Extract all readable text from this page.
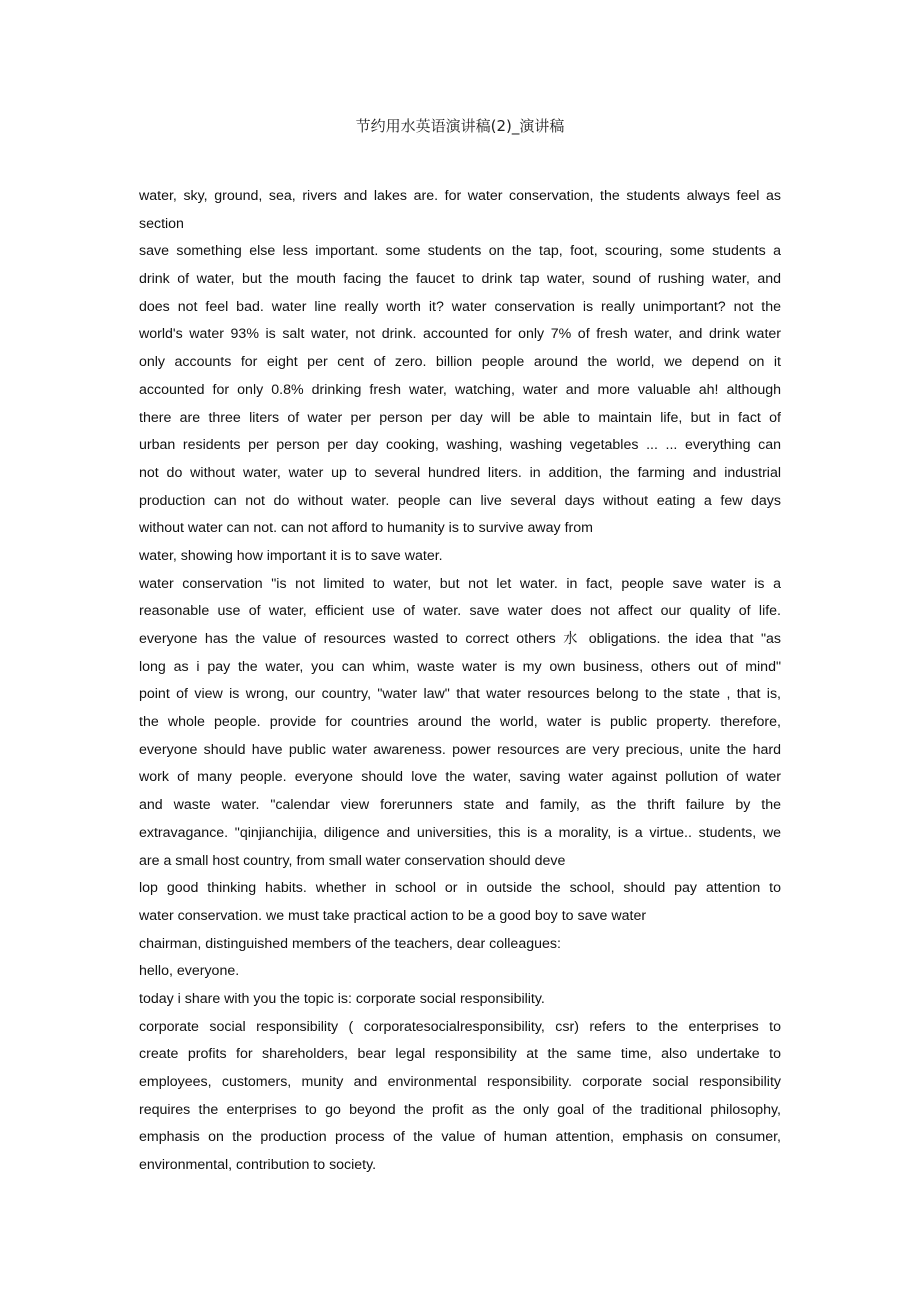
节约用水英语演讲稿(2)_演讲稿
water, sky, ground, sea, rivers and lakes are. for water conservation, the students always feel as
section
save something else less important. some students on the tap, foot, scouring, some students a
drink of water, but the mouth facing the faucet to drink tap water, sound of rushing water, and
does not feel bad. water line really worth it? water conservation is really unimportant? not the
world's water 93% is salt water, not drink. accounted for only 7% of fresh water, and drink water
only accounts for eight per cent of zero. billion people around the world, we depend on it
accounted for only 0.8% drinking fresh water, watching, water and more valuable ah! although
there are three liters of water per person per day will be able to maintain life, but in fact of
urban residents per person per day cooking, washing, washing vegetables ... ... everything can
not do without water, water up to several hundred liters. in addition, the farming and industrial
production can not do without water. people can live several days without eating a few days
without water can not. can not afford to humanity is to survive away from
water, showing how important it is to save water.
water conservation "is not limited to water, but not let water. in fact, people save water is a
reasonable use of water, efficient use of water. save water does not affect our quality of life.
everyone has the value of resources wasted to correct others 水 obligations. the idea that "as
long as i pay the water, you can whim, waste water is my own business, others out of mind"
point of view is wrong, our country, "water law" that water resources belong to the state , that is,
the whole people. provide for countries around the world, water is public property. therefore,
everyone should have public water awareness. power resources are very precious, unite the hard
work of many people. everyone should love the water, saving water against pollution of water
and waste water. "calendar view forerunners state and family, as the thrift failure by the
extravagance. "qinjianchijia, diligence and universities, this is a morality, is a virtue.. students, we
are a small host country, from small water conservation should deve
lop good thinking habits. whether in school or in outside the school, should pay attention to
water conservation. we must take practical action to be a good boy to save water
chairman, distinguished members of the teachers, dear colleagues:
hello, everyone.
today i share with you the topic is: corporate social responsibility.
corporate social responsibility ( corporatesocialresponsibility, csr) refers to the enterprises to
create profits for shareholders, bear legal responsibility at the same time, also undertake to
employees, customers, munity and environmental responsibility. corporate social responsibility
requires the enterprises to go beyond the profit as the only goal of the traditional philosophy,
emphasis on the production process of the value of human attention, emphasis on consumer,
environmental, contribution to society.
